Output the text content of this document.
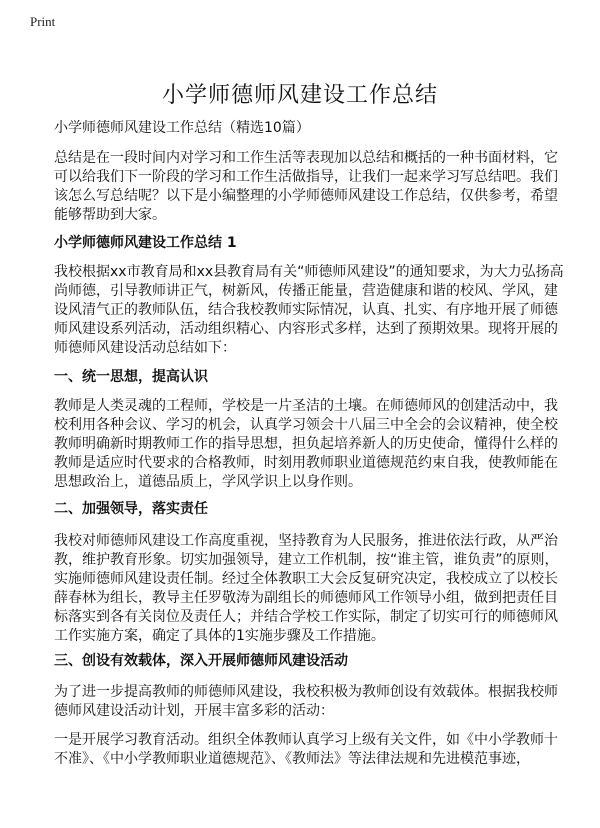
Print
小学师德师风建设工作总结
小学师德师风建设工作总结（精选10篇）
总结是在一段时间内对学习和工作生活等表现加以总结和概括的一种书面材料，它
可以给我们下一阶段的学习和工作生活做指导，让我们一起来学习写总结吧。我们
该怎么写总结呢？以下是小编整理的小学师德师风建设工作总结，仅供参考，希望
能够帮助到大家。
小学师德师风建设工作总结 1
我校根据xx市教育局和xx县教育局有关“师德师风建设”的通知要求，为大力弘扬高
尚师德，引导教师讲正气，树新风，传播正能量，营造健康和谐的校风、学风，建
设风清气正的教师队伍，结合我校教师实际情况，认真、扎实、有序地开展了师德
师风建设系列活动，活动组织精心、内容形式多样，达到了预期效果。现将开展的
师德师风建设活动总结如下：
一、统一思想，提高认识
教师是人类灵魂的工程师，学校是一片圣洁的土壤。在师德师风的创建活动中，我
校利用各种会议、学习的机会，认真学习领会十八届三中全会的会议精神，使全校
教师明确新时期教师工作的指导思想，担负起培养新人的历史使命，懂得什么样的
教师是适应时代要求的合格教师，时刻用教师职业道德规范约束自我，使教师能在
思想政治上，道德品质上，学风学识上以身作则。
二、加强领导，落实责任
我校对师德师风建设工作高度重视，坚持教育为人民服务，推进依法行政，从严治
教，维护教育形象。切实加强领导，建立工作机制，按“谁主管，谁负责”的原则，
实施师德师风建设责任制。经过全体教职工大会反复研究决定，我校成立了以校长
薛春林为组长，教导主任罗敬涛为副组长的师德师风工作领导小组，做到把责任目
标落实到各有关岗位及责任人；并结合学校工作实际，制定了切实可行的师德师风
工作实施方案，确定了具体的1实施步骤及工作措施。
三、创设有效载体，深入开展师德师风建设活动
为了进一步提高教师的师德师风建设，我校积极为教师创设有效载体。根据我校师
德师风建设活动计划，开展丰富多彩的活动：
一是开展学习教育活动。组织全体教师认真学习上级有关文件，如《中小学教师十
不准》、《中小学教师职业道德规范》、《教师法》等法律法规和先进模范事迹，
